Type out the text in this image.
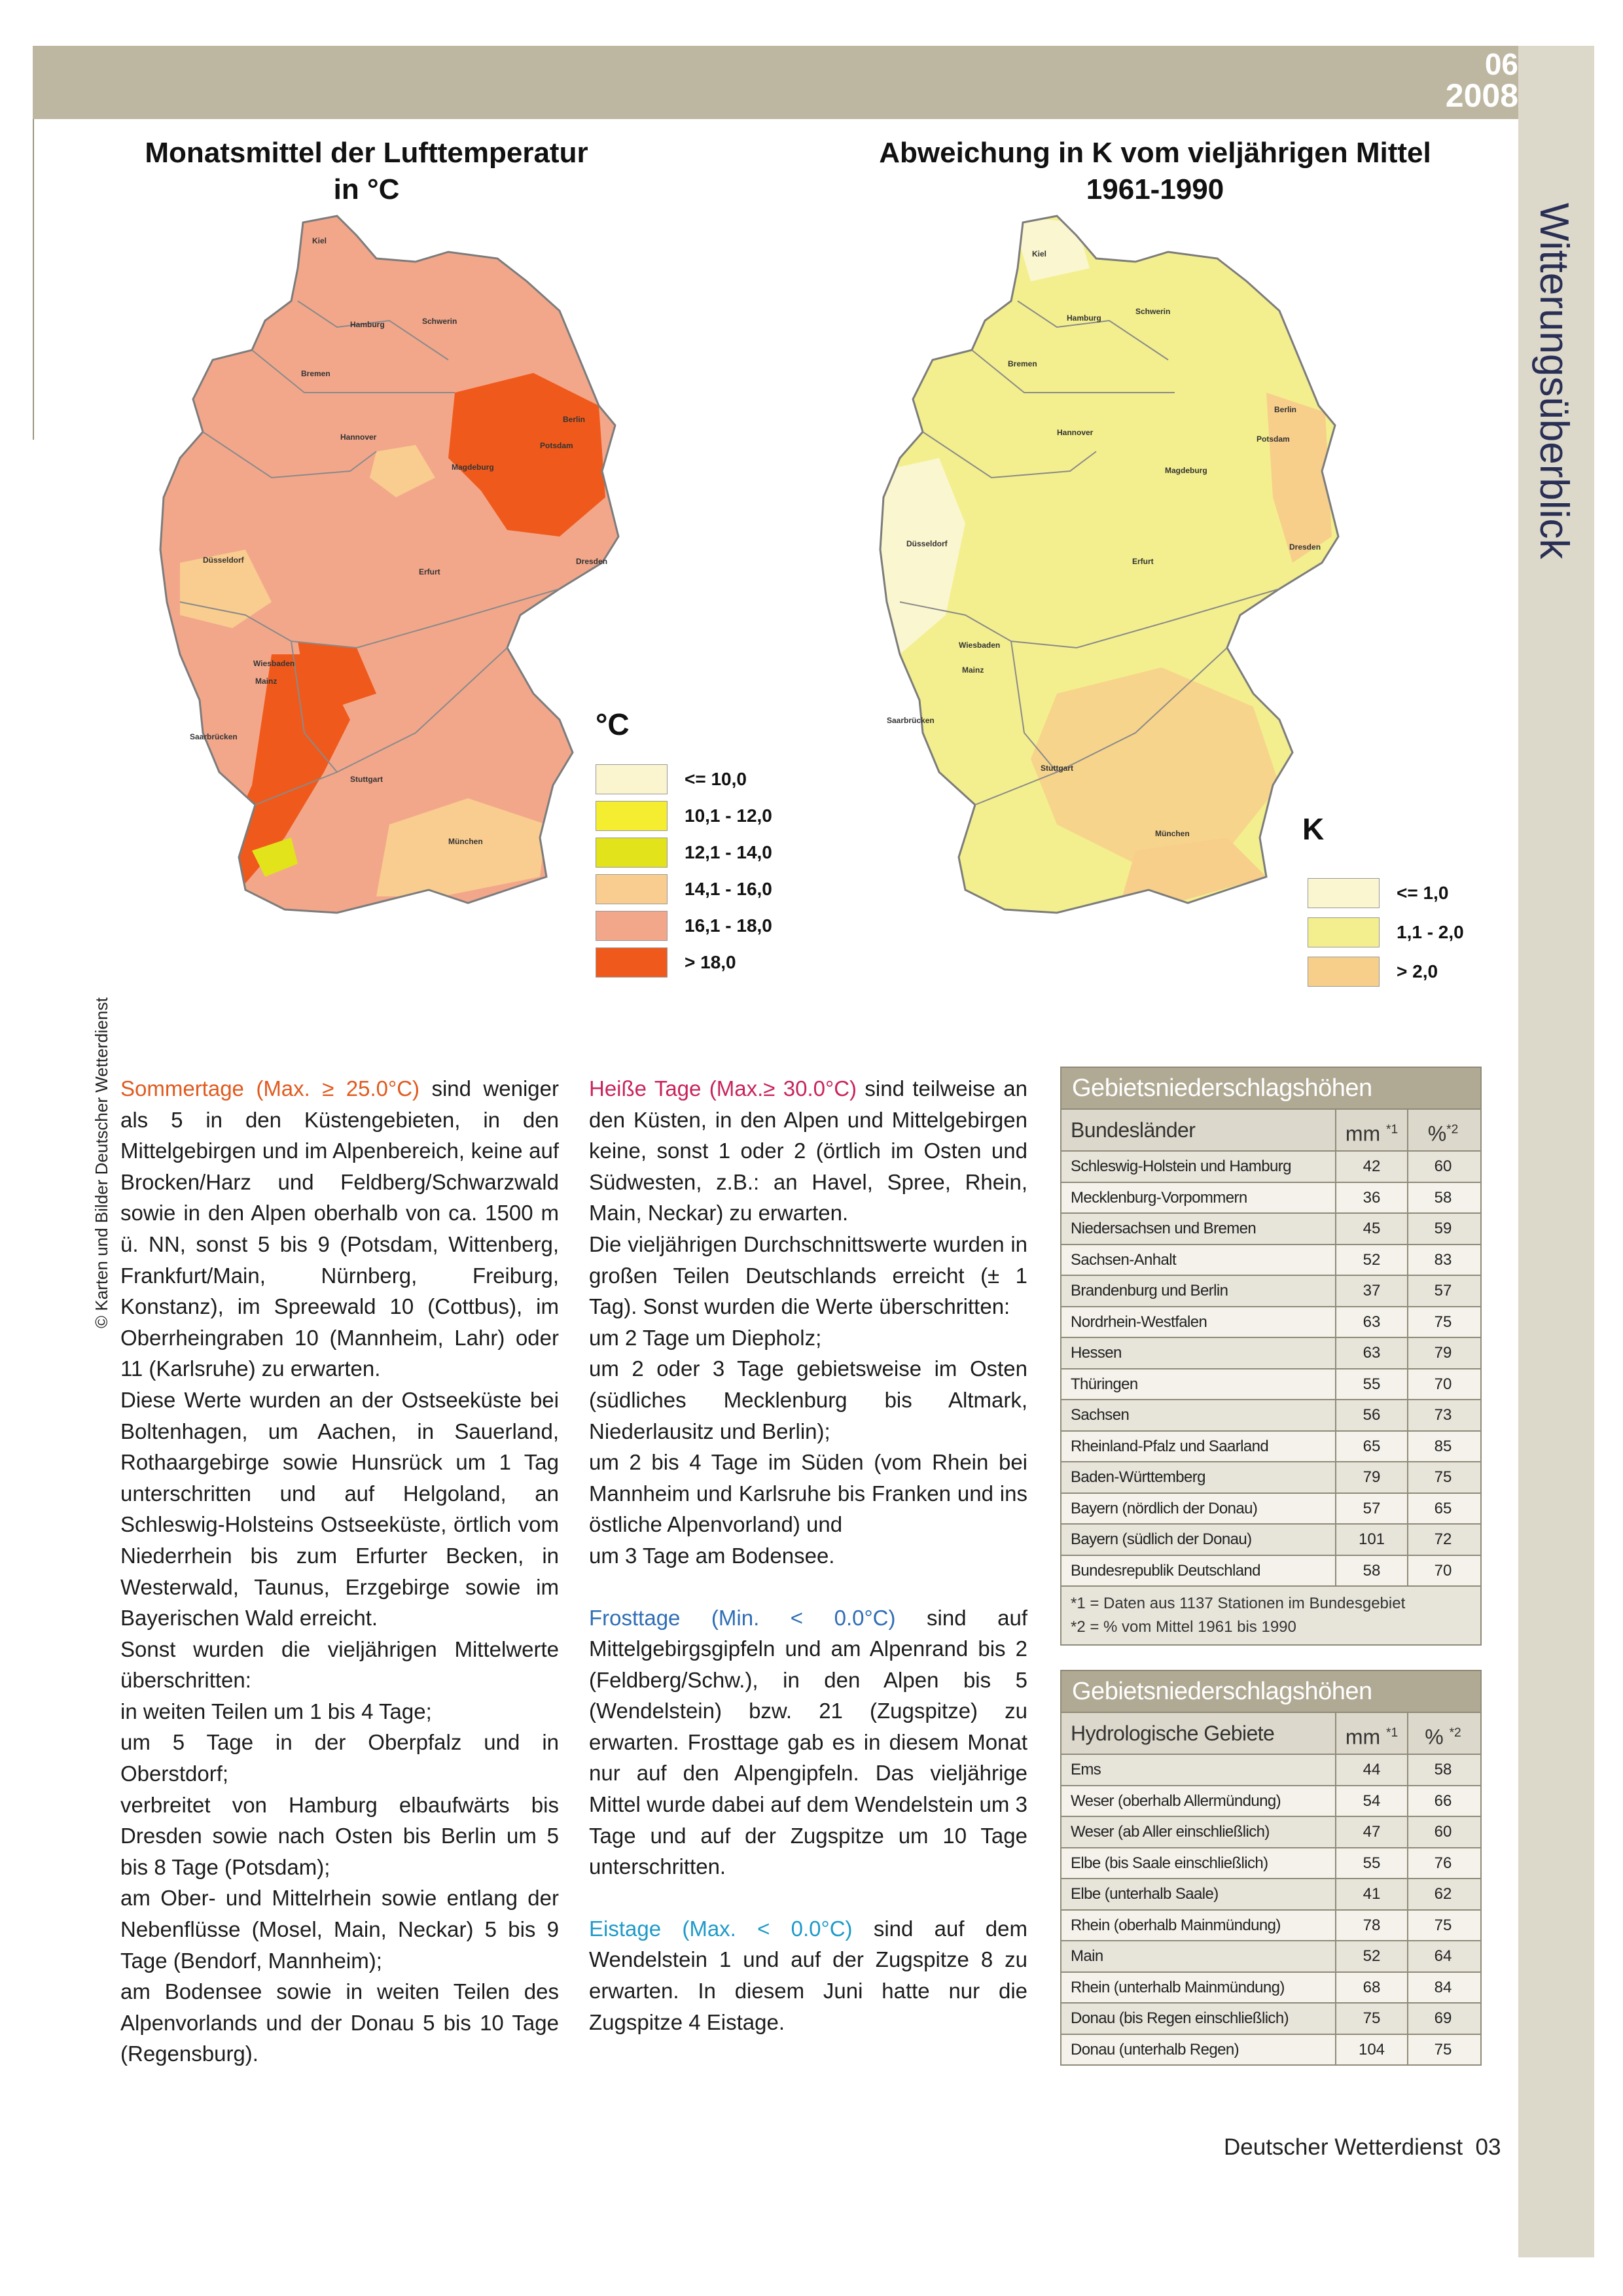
06
2008
Witterungsüberblick
© Karten und Bilder Deutscher Wetterdienst
Monatsmittel der Lufttemperatur in °C
Abweichung in K vom vieljährigen Mittel
1961-1990
Kiel
Hamburg	Schwerin
Bremen
Berlin
Hannover
Potsdam
Magdeburg
Düsseldorf	Dresden
Erfurt
Wiesbaden
Mainz
Saarbrücken
Stuttgart
München
°C
Kiel
Hamburg
Schwerin
Bremen
Berlin
Hannover
Potsdam
Magdeburg
Düsseldorf	Dresden
Erfurt
Wiesbaden
Mainz
Saarbrücken
Stuttgart
München	K

Sommertage (Max. ≥ 25.0°C) sind weniger als 5 in den Küstengebieten, in den Mittelgebirgen und im Alpenbereich, keine auf Brocken/Harz und Feldberg/Schwarzwald sowie in den Alpen oberhalb von ca. 1500 m ü. NN, sonst 5 bis 9 (Potsdam, Wittenberg, Frankfurt/Main, Nürnberg, Freiburg, Konstanz), im Spreewald 10 (Cottbus), im Oberrheingraben 10 (Mannheim, Lahr) oder 11 (Karlsruhe) zu erwarten.

Diese Werte wurden an der Ostseeküste bei Boltenhagen, um Aachen, in Sauerland, Rothaargebirge sowie Hunsrück um 1 Tag unterschritten und auf Helgoland, an Schleswig-Holsteins Ostseeküste, örtlich vom Niederrhein bis zum Erfurter Becken, in Westerwald, Taunus, Erzgebirge sowie im Bayerischen Wald erreicht.

Sonst wurden die vieljährigen Mittelwerte überschritten:

in weiten Teilen um 1 bis 4 Tage;

um 5 Tage in der Oberpfalz und in Oberstdorf;

verbreitet von Hamburg elbaufwärts bis Dresden sowie nach Osten bis Berlin um 5 bis 8 Tage (Potsdam);

am Ober- und Mittelrhein sowie entlang der Nebenflüsse (Mosel, Main, Neckar) 5 bis 9 Tage (Bendorf, Mannheim);

am Bodensee sowie in weiten Teilen des Alpenvorlands und der Donau 5 bis 10 Tage (Regensburg).

Heiße Tage (Max.≥ 30.0°C) sind teilweise an den Küsten, in den Alpen und Mittelgebirgen keine, sonst 1 oder 2 (örtlich im Osten und Südwesten, z.B.: an Havel, Spree, Rhein, Main, Neckar) zu erwarten.

Die vieljährigen Durchschnittswerte wurden in großen Teilen Deutschlands erreicht (± 1 Tag). Sonst wurden die Werte überschritten:

um 2 Tage um Diepholz;

um 2 oder 3 Tage gebietsweise im Osten (südliches Mecklenburg bis Altmark, Niederlausitz und Berlin);

um 2 bis 4 Tage im Süden (vom Rhein bei Mannheim und Karlsruhe bis Franken und ins östliche Alpenvorland) und

um 3 Tage am Bodensee.

Frosttage (Min. < 0.0°C) sind auf Mittelgebirgsgipfeln und am Alpenrand bis 2 (Feldberg/Schw.), in den Alpen bis 5 (Wendelstein) bzw. 21 (Zugspitze) zu erwarten. Frosttage gab es in diesem Monat nur auf den Alpengipfeln. Das vieljährige Mittel wurde dabei auf dem Wendelstein um 3 Tage und auf der Zugspitze um 10 Tage unterschritten.

Eistage (Max. < 0.0°C) sind auf dem Wendelstein 1 und auf der Zugspitze 8 zu erwarten. In diesem Juni hatte nur die Zugspitze 4 Eistage.

Gebietsniederschlagshöhen
Bundesländer	mm $^{*1}$	%$^{*2}$
Schleswig-Holstein und Hamburg	42	60
Mecklenburg-Vorpommern	36	58
Niedersachsen und Bremen	45	59
Sachsen-Anhalt	52	83
Brandenburg und Berlin	37	57
Nordrhein-Westfalen	63	75
Hessen	63	79
Thüringen	55	70
Sachsen	56	73
Rheinland-Pfalz und Saarland	65	85
Baden-Württemberg	79	75
Bayern (nördlich der Donau)	57	65
Bayern (südlich der Donau)	101	72
Bundesrepublik Deutschland	58	70
*1 = Daten aus 1137 Stationen im Bundesgebiet
*2 = % vom Mittel 1961 bis 1990
Gebietsniederschlagshöhen
Hydrologische Gebiete	mm $^{*1}$	% $^{*2}$
Ems	44	58
Weser (oberhalb Allermündung)	54	66
Weser (ab Aller einschließlich)	47	60
Elbe (bis Saale einschließlich)	55	76
Elbe (unterhalb Saale)	41	62
Rhein (oberhalb Mainmündung)	78	75
Main	52	64
Rhein (unterhalb Mainmündung)	68	84
Donau (bis Regen einschließlich)	75	69
Donau (unterhalb Regen)	104	75
Deutscher Wetterdienst 03
<= 10,0
10,1 - 12,0
12,1 - 14,0
14,1 - 16,0
16,1 - 18,0
> 18,0
<= 1,0
1,1 - 2,0
> 2,0
